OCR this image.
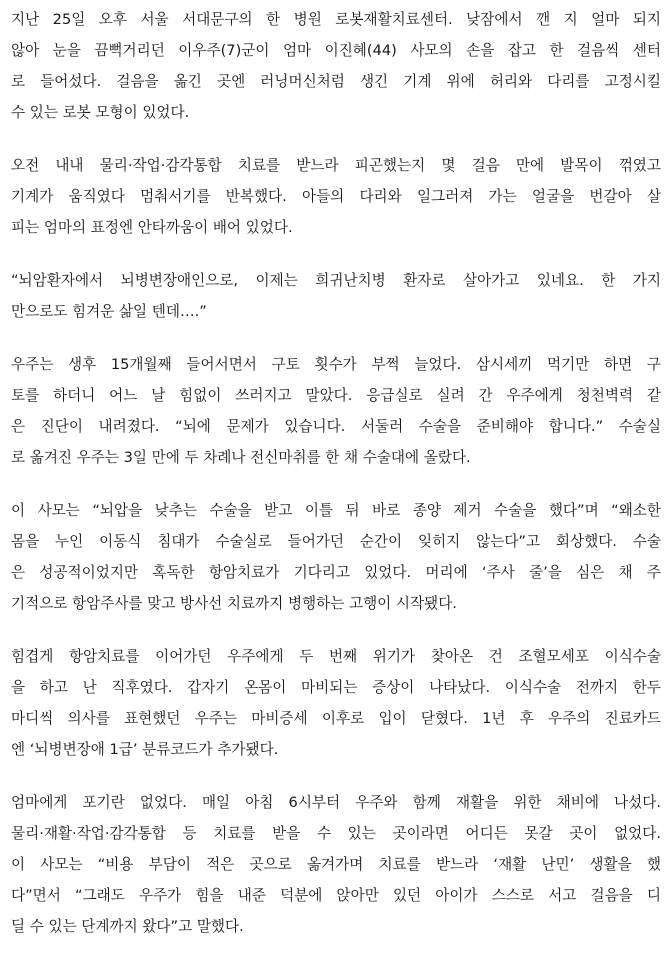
지난 25일 오후 서울 서대문구의 한 병원 로봇재활치료센터. 낮잠에서 깬 지 얼마 되지
않아 눈을 끔뻑거리던 이우주(7)군이 엄마 이진혜(44) 사모의 손을 잡고 한 걸음씩 센터
로 들어섰다. 걸음을 옮긴 곳엔 러닝머신처럼 생긴 기계 위에 허리와 다리를 고정시킬
수 있는 로봇 모형이 있었다.
오전 내내 물리·작업·감각통합 치료를 받느라 피곤했는지 몇 걸음 만에 발목이 꺾였고
기계가 움직였다 멈춰서기를 반복했다. 아들의 다리와 일그러져 가는 얼굴을 번갈아 살
피는 엄마의 표정엔 안타까움이 배어 있었다.
“뇌암환자에서 뇌병변장애인으로, 이제는 희귀난치병 환자로 살아가고 있네요. 한 가지
만으로도 힘겨운 삶일 텐데….”
우주는 생후 15개월째 들어서면서 구토 횟수가 부쩍 늘었다. 삼시세끼 먹기만 하면 구
토를 하더니 어느 날 힘없이 쓰러지고 말았다. 응급실로 실려 간 우주에게 청천벽력 같
은 진단이 내려졌다. “뇌에 문제가 있습니다. 서둘러 수술을 준비해야 합니다.” 수술실
로 옮겨진 우주는 3일 만에 두 차례나 전신마취를 한 채 수술대에 올랐다.
이 사모는 “뇌압을 낮추는 수술을 받고 이틀 뒤 바로 종양 제거 수술을 했다”며 “왜소한
몸을 누인 이동식 침대가 수술실로 들어가던 순간이 잊히지 않는다”고 회상했다. 수술
은 성공적이었지만 혹독한 항암치료가 기다리고 있었다. 머리에 ‘주사 줄’을 심은 채 주
기적으로 항암주사를 맞고 방사선 치료까지 병행하는 고행이 시작됐다.
힘겹게 항암치료를 이어가던 우주에게 두 번째 위기가 찾아온 건 조혈모세포 이식수술
을 하고 난 직후였다. 갑자기 온몸이 마비되는 증상이 나타났다. 이식수술 전까지 한두
마디씩 의사를 표현했던 우주는 마비증세 이후로 입이 닫혔다. 1년 후 우주의 진료카드
엔 ‘뇌병변장애 1급’ 분류코드가 추가됐다.
엄마에게 포기란 없었다. 매일 아침 6시부터 우주와 함께 재활을 위한 채비에 나섰다.
물리·재활·작업·감각통합 등 치료를 받을 수 있는 곳이라면 어디든 못갈 곳이 없었다.
이 사모는 “비용 부담이 적은 곳으로 옮겨가며 치료를 받느라 ‘재활 난민’ 생활을 했
다”면서 “그래도 우주가 힘을 내준 덕분에 앉아만 있던 아이가 스스로 서고 걸음을 디
딜 수 있는 단계까지 왔다”고 말했다.
